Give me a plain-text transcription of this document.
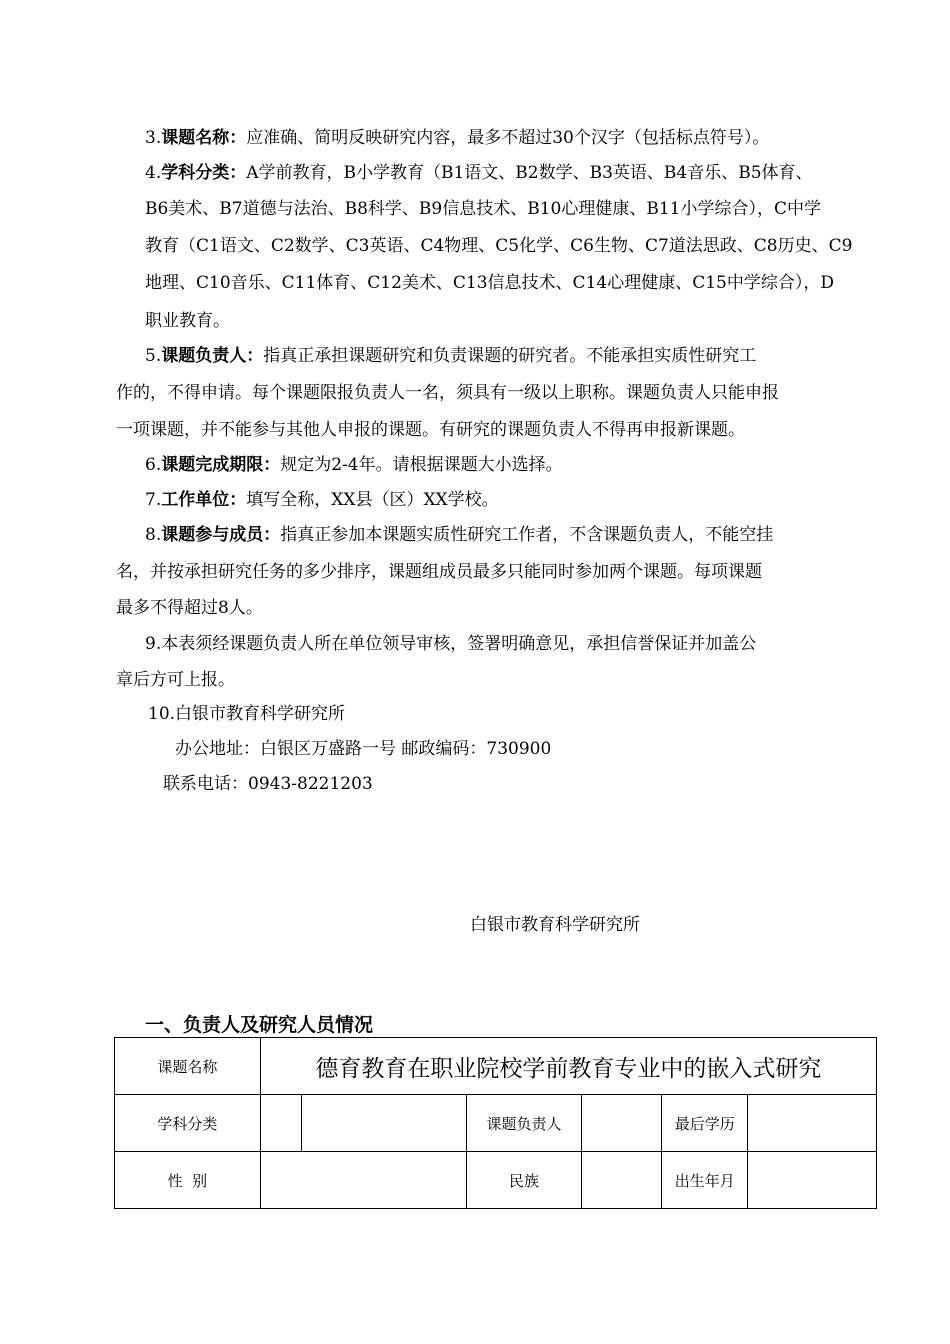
3.课题名称：应准确、简明反映研究内容，最多不超过30个汉字（包括标点符号）。
4.学科分类：A学前教育，B小学教育（B1语文、B2数学、B3英语、B4音乐、B5体育、
B6美术、B7道德与法治、B8科学、B9信息技术、B10心理健康、B11小学综合），C中学
教育（C1语文、C2数学、C3英语、C4物理、C5化学、C6生物、C7道法思政、C8历史、C9
地理、C10音乐、C11体育、C12美术、C13信息技术、C14心理健康、C15中学综合），D
职业教育。
5.课题负责人：指真正承担课题研究和负责课题的研究者。不能承担实质性研究工
作的，不得申请。每个课题限报负责人一名，须具有一级以上职称。课题负责人只能申报
一项课题，并不能参与其他人申报的课题。有研究的课题负责人不得再申报新课题。
6.课题完成期限：规定为2-4年。请根据课题大小选择。
7.工作单位：填写全称，XX县（区）XX学校。
8.课题参与成员：指真正参加本课题实质性研究工作者，不含课题负责人，不能空挂
名，并按承担研究任务的多少排序，课题组成员最多只能同时参加两个课题。每项课题
最多不得超过8人。
9.本表须经课题负责人所在单位领导审核，签署明确意见，承担信誉保证并加盖公
章后方可上报。
10.白银市教育科学研究所
办公地址：白银区万盛路一号 邮政编码：730900
联系电话：0943-8221203
白银市教育科学研究所
一、负责人及研究人员情况
课题名称	德育教育在职业院校学前教育专业中的嵌入式研究					
学科分类			课题负责人		最后学历	
性  别			民族		出生年月	
